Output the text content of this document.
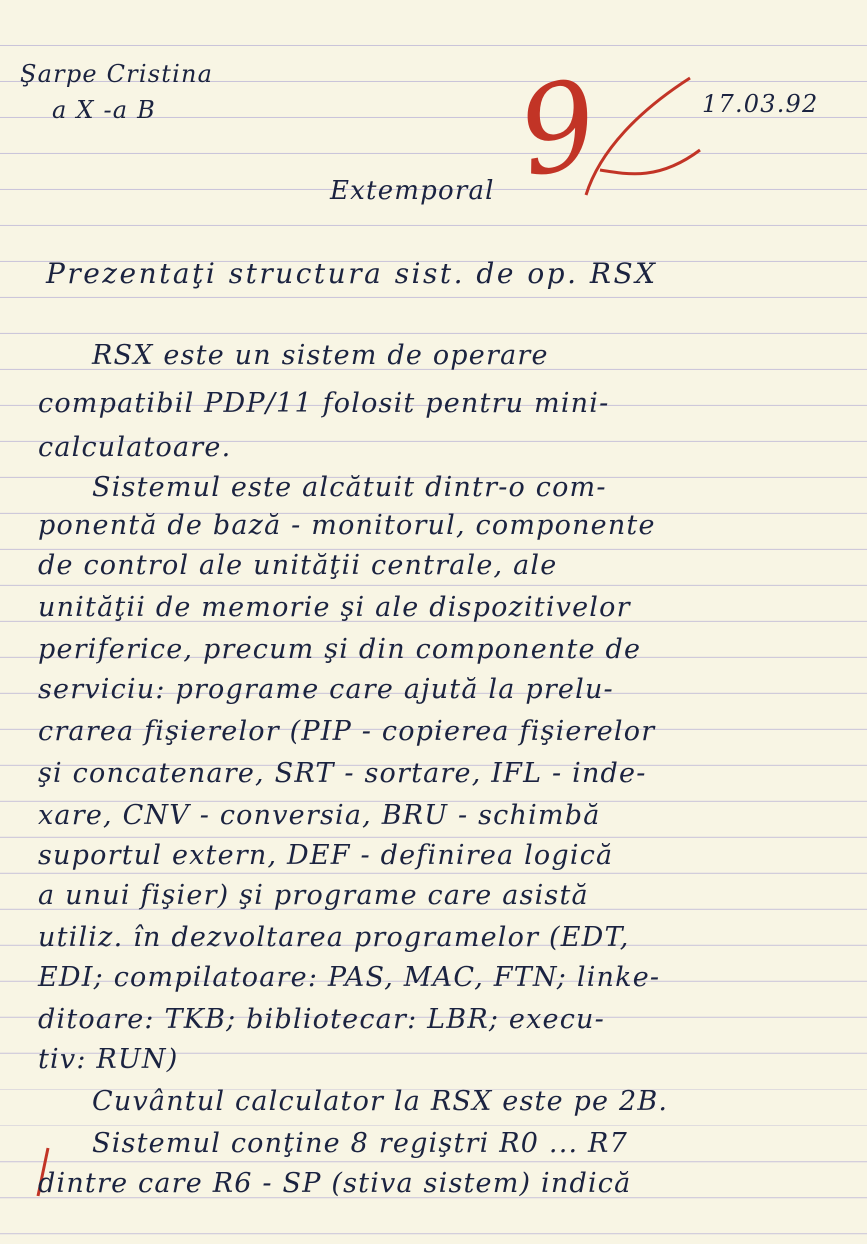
Şarpe Cristina
a X -a B	17.03.92
Extemporal 9
Prezentaţi structura sist. de op. RSX
RSX este un sistem de operare
compatibil PDP/11 folosit pentru mini-
calculatoare.
Sistemul este alcătuit dintr-o com-
ponentă de bază - monitorul, componente
de control ale unităţii centrale, ale
unităţii de memorie şi ale dispozitivelor
periferice, precum şi din componente de
serviciu: programe care ajută la prelu-
crarea fişierelor (PIP - copierea fişierelor
şi concatenare, SRT - sortare, IFL - inde-
xare, CNV - conversia, BRU - schimbă
suportul extern, DEF - definirea logică
a unui fişier) şi programe care asistă
utiliz. în dezvoltarea programelor (EDT,
EDI; compilatoare: PAS, MAC, FTN; linke-
ditoare: TKB; bibliotecar: LBR; execu-
tiv: RUN)
Cuvântul calculator la RSX este pe 2B.
Sistemul conţine 8 regiştri R0 ... R7
dintre care R6 - SP (stiva sistem) indică
